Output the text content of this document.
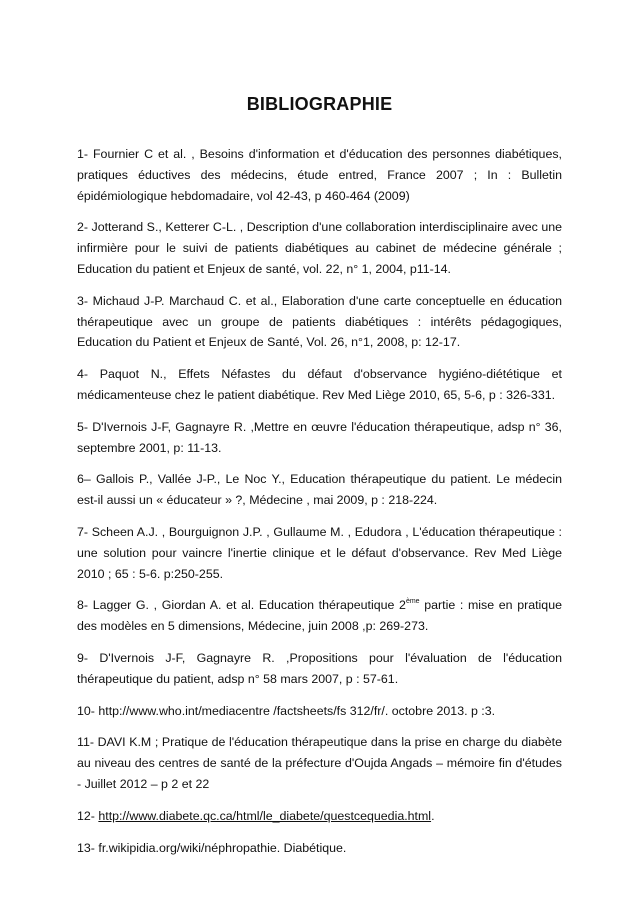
BIBLIOGRAPHIE

1- Fournier C et al. , Besoins d'information et d'éducation des personnes diabétiques, pratiques éductives des médecins, étude entred, France 2007 ; In : Bulletin épidémiologique hebdomadaire, vol 42-43, p 460-464 (2009)

2- Jotterand S., Ketterer C-L. , Description d'une collaboration interdisciplinaire avec une infirmière pour le suivi de patients diabétiques au cabinet de médecine générale ; Education du patient et Enjeux de santé, vol. 22, n° 1, 2004, p11-14.

3- Michaud J-P. Marchaud C. et al., Elaboration d'une carte conceptuelle en éducation thérapeutique avec un groupe de patients diabétiques : intérêts pédagogiques, Education du Patient et Enjeux de Santé, Vol. 26, n°1, 2008, p: 12-17.

4- Paquot N., Effets Néfastes du défaut d'observance hygiéno-diététique et médicamenteuse chez le patient diabétique. Rev Med Liège 2010, 65, 5-6, p : 326-331.

5- D'Ivernois J-F, Gagnayre R. ,Mettre en œuvre l'éducation thérapeutique, adsp n° 36, septembre 2001, p: 11-13.

6– Gallois P., Vallée J-P., Le Noc Y., Education thérapeutique du patient. Le médecin est-il aussi un « éducateur » ?, Médecine , mai 2009, p : 218-224.

7- Scheen A.J. , Bourguignon J.P. , Gullaume M. , Edudora , L'éducation thérapeutique : une solution pour vaincre l'inertie clinique et le défaut d'observance. Rev Med Liège 2010 ; 65 : 5-6. p:250-255.

8- Lagger G. , Giordan A. et al. Education thérapeutique 2ème partie : mise en pratique des modèles en 5 dimensions, Médecine, juin 2008 ,p: 269-273.

9- D'Ivernois J-F, Gagnayre R. ,Propositions pour l'évaluation de l'éducation thérapeutique du patient, adsp n° 58 mars 2007, p : 57-61.

10- http://www.who.int/mediacentre /factsheets/fs 312/fr/. octobre 2013. p :3.

11- DAVI K.M ; Pratique de l'éducation thérapeutique dans la prise en charge du diabète au niveau des centres de santé de la préfecture d'Oujda Angads – mémoire fin d'études - Juillet 2012 – p 2 et 22

12- http://www.diabete.qc.ca/html/le_diabete/questcequedia.html.

13- fr.wikipidia.org/wiki/néphropathie. Diabétique.
